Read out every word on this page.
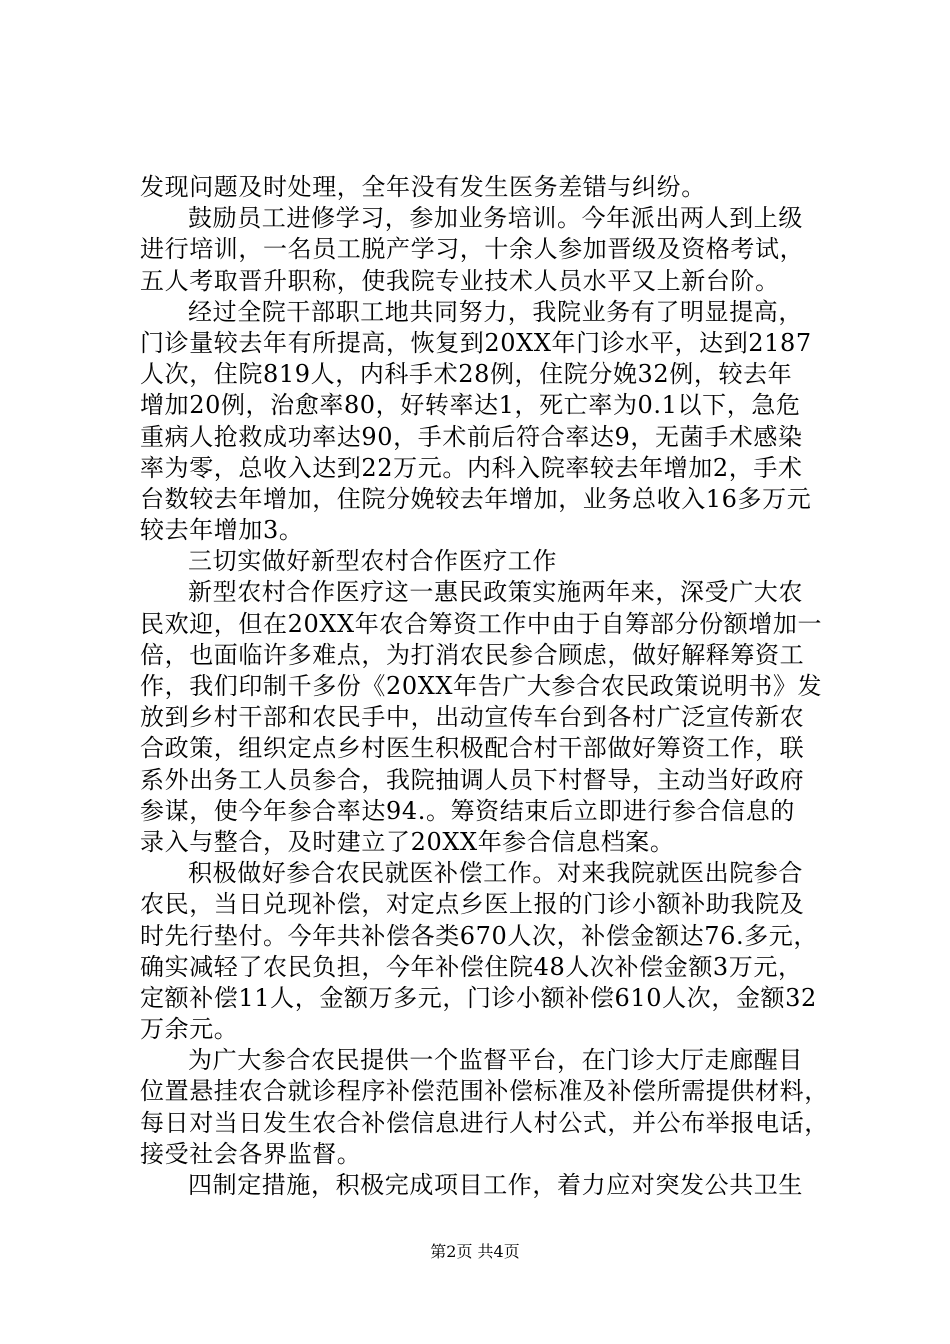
发现问题及时处理，全年没有发生医务差错与纠纷。
鼓励员工进修学习，参加业务培训。今年派出两人到上级
进行培训，一名员工脱产学习，十余人参加晋级及资格考试，
五人考取晋升职称，使我院专业技术人员水平又上新台阶。
经过全院干部职工地共同努力，我院业务有了明显提高，
门诊量较去年有所提高，恢复到20XX年门诊水平，达到2187
人次，住院819人，内科手术28例，住院分娩32例，较去年
增加20例，治愈率80，好转率达1，死亡率为0.1以下，急危
重病人抢救成功率达90，手术前后符合率达9，无菌手术感染
率为零，总收入达到22万元。内科入院率较去年增加2，手术
台数较去年增加，住院分娩较去年增加，业务总收入16多万元
较去年增加3。
三切实做好新型农村合作医疗工作
新型农村合作医疗这一惠民政策实施两年来，深受广大农
民欢迎，但在20XX年农合筹资工作中由于自筹部分份额增加一
倍，也面临许多难点，为打消农民参合顾虑，做好解释筹资工
作，我们印制千多份《20XX年告广大参合农民政策说明书》发
放到乡村干部和农民手中，出动宣传车台到各村广泛宣传新农
合政策，组织定点乡村医生积极配合村干部做好筹资工作，联
系外出务工人员参合，我院抽调人员下村督导，主动当好政府
参谋，使今年参合率达94.。筹资结束后立即进行参合信息的
录入与整合，及时建立了20XX年参合信息档案。
积极做好参合农民就医补偿工作。对来我院就医出院参合
农民，当日兑现补偿，对定点乡医上报的门诊小额补助我院及
时先行垫付。今年共补偿各类670人次，补偿金额达76.多元，
确实减轻了农民负担，今年补偿住院48人次补偿金额3万元，
定额补偿11人，金额万多元，门诊小额补偿610人次，金额32
万余元。
为广大参合农民提供一个监督平台，在门诊大厅走廊醒目
位置悬挂农合就诊程序补偿范围补偿标准及补偿所需提供材料，
每日对当日发生农合补偿信息进行人村公式，并公布举报电话，
接受社会各界监督。
四制定措施，积极完成项目工作，着力应对突发公共卫生
第2页 共4页
